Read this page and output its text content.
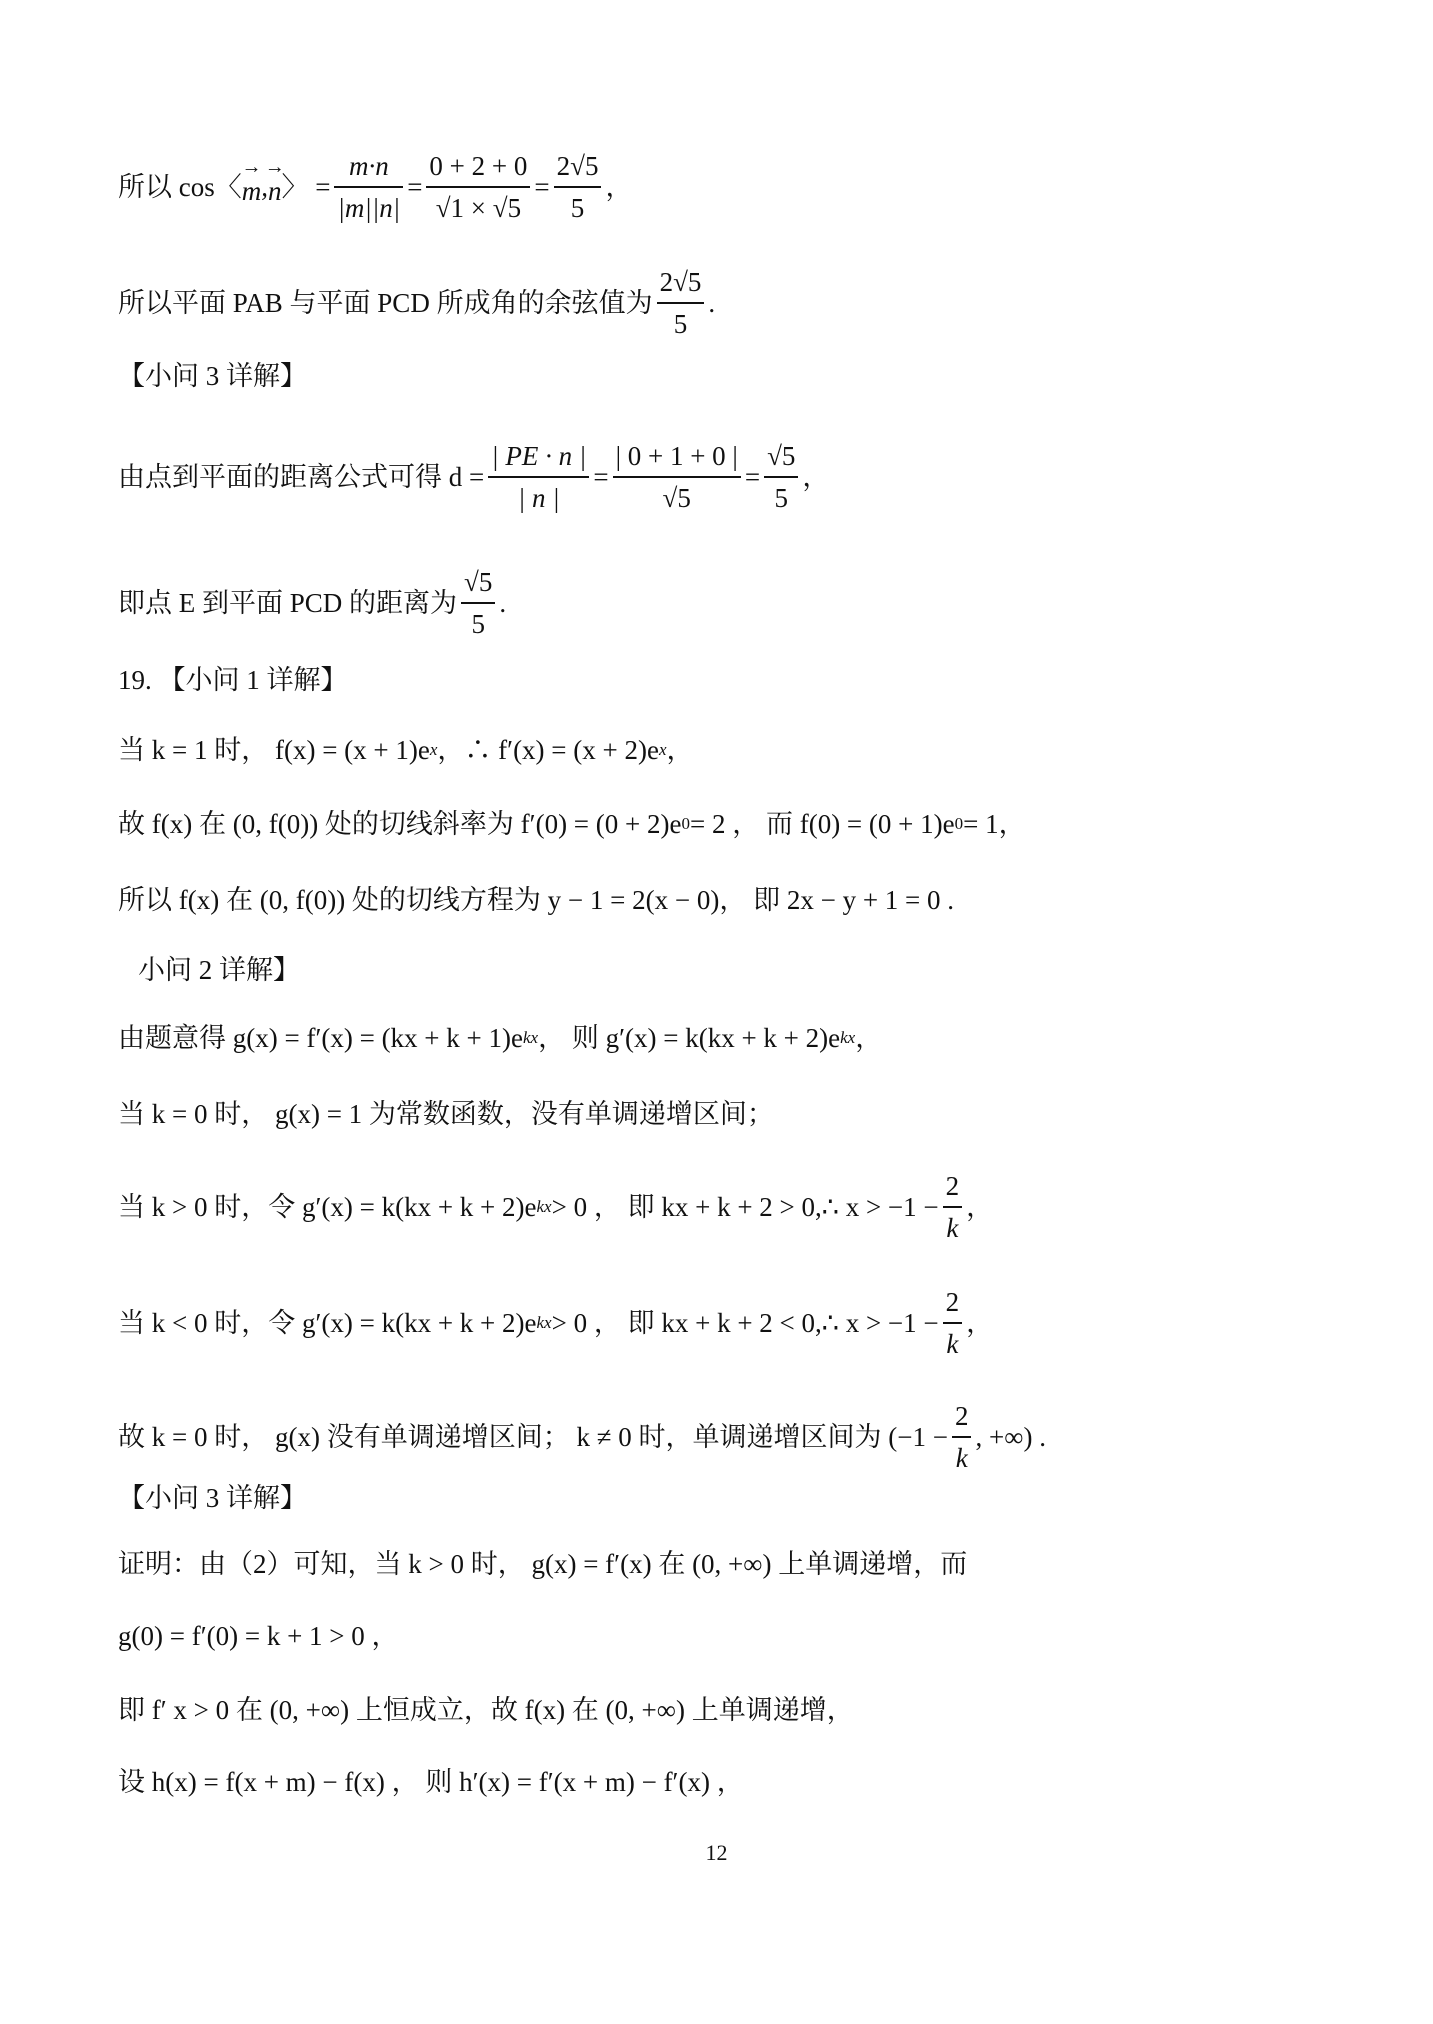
所以 cos〈 → m , → n 〉 = $\frac{m\cdot n}{|m||n|} = \frac{0 + 2 + 0}{√1 \times √5} = \frac{2√5}{5}$ ，
所以平面 PAB 与平面 PCD 所成角的余弦值为 $\frac{2√5}{5}$ .
【小问 3 详解】
由点到平面的距离公式可得 $d = \frac{| PE \cdot n |}{| n |} = \frac{| 0 + 1 + 0 |}{√5} = \frac{√5}{5}$ ，
即点 E 到平面 PCD 的距离为 $\frac{√5}{5}$ .
19. 【小问 1 详解】
当 k = 1 时， f(x) = (x + 1)e x ，∴ f′(x) = (x + 2)e x ，
故 f(x) 在 (0, f(0)) 处的切线斜率为 f′(0) = (0 + 2)e 0 = 2 ， 而 f(0) = (0 + 1)e 0 = 1，
所以 f(x) 在 (0, f(0)) 处的切线方程为 y − 1 = 2(x − 0)， 即 2x − y + 1 = 0 .
小问 2 详解】
由题意得 g(x) = f′(x) = (kx + k + 1)e kx ， 则 g′(x) = k(kx + k + 2)e kx ，
当 k = 0 时， g(x) = 1 为常数函数，没有单调递增区间；
当 k > 0 时，令 g′(x) = k(kx + k + 2)e kx > 0 ， 即 kx + k + 2 > 0,∴ $x > -1 - \frac{2}{k}$ ，
当 k < 0 时，令 g′(x) = k(kx + k + 2)e kx > 0 ， 即 kx + k + 2 < 0,∴ $x > -1 - \frac{2}{k}$ ，
故 k = 0 时， g(x) 没有单调递增区间； k ≠ 0 时，单调递增区间为 ($-1 - \frac{2}{k}$ , +∞) .
【小问 3 详解】
证明：由（2）可知，当 k > 0 时， g(x) = f′(x) 在 (0, +∞) 上单调递增，而
g(0) = f′(0) = k + 1 > 0 ，
即 f′ x > 0 在 (0, +∞) 上恒成立，故 f(x) 在 (0, +∞) 上单调递增，
设 h(x) = f(x + m) − f(x) ， 则 h′(x) = f′(x + m) − f′(x) ，
12
